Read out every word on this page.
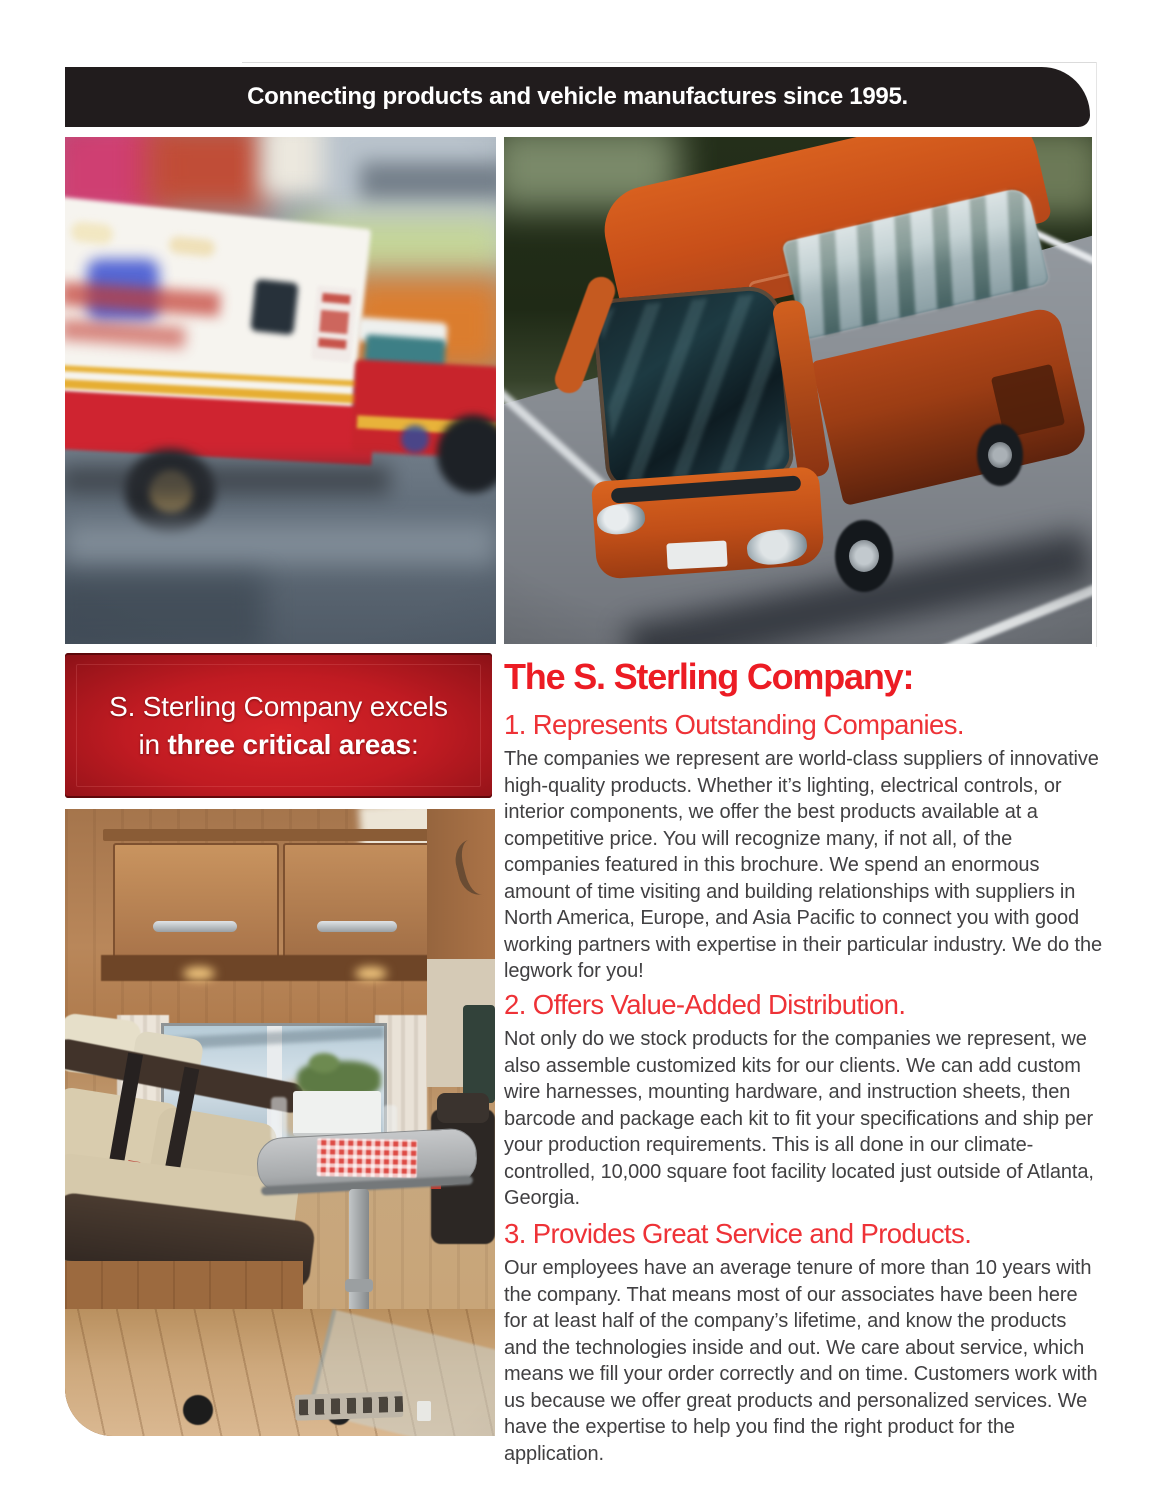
Connecting products and vehicle manufactures since 1995.
S. Sterling Company excels
in three critical areas:
The S. Sterling Company:
1. Represents Outstanding Companies.
The companies we represent are world-class suppliers of innovative high-quality products. Whether it’s lighting, electrical controls, or interior components, we offer the best products available at a competitive price. You will recognize many, if not all, of the companies featured in this brochure. We spend an enormous amount of time visiting and building relationships with suppliers in North America, Europe, and Asia Pacific to connect you with good working partners with expertise in their particular industry. We do the legwork for you!
2. Offers Value-Added Distribution.
Not only do we stock products for the companies we represent, we also assemble customized kits for our clients. We can add custom wire harnesses, mounting hardware, and instruction sheets, then barcode and package each kit to fit your specifications and ship per your production requirements. This is all done in our climate-controlled, 10,000 square foot facility located just outside of Atlanta, Georgia.
3. Provides Great Service and Products.
Our employees have an average tenure of more than 10 years with the company. That means most of our associates have been here for at least half of the company’s lifetime, and know the products and the technologies inside and out. We care about service, which means we fill your order correctly and on time. Customers work with us because we offer great products and personalized services. We have the expertise to help you find the right product for the application.
